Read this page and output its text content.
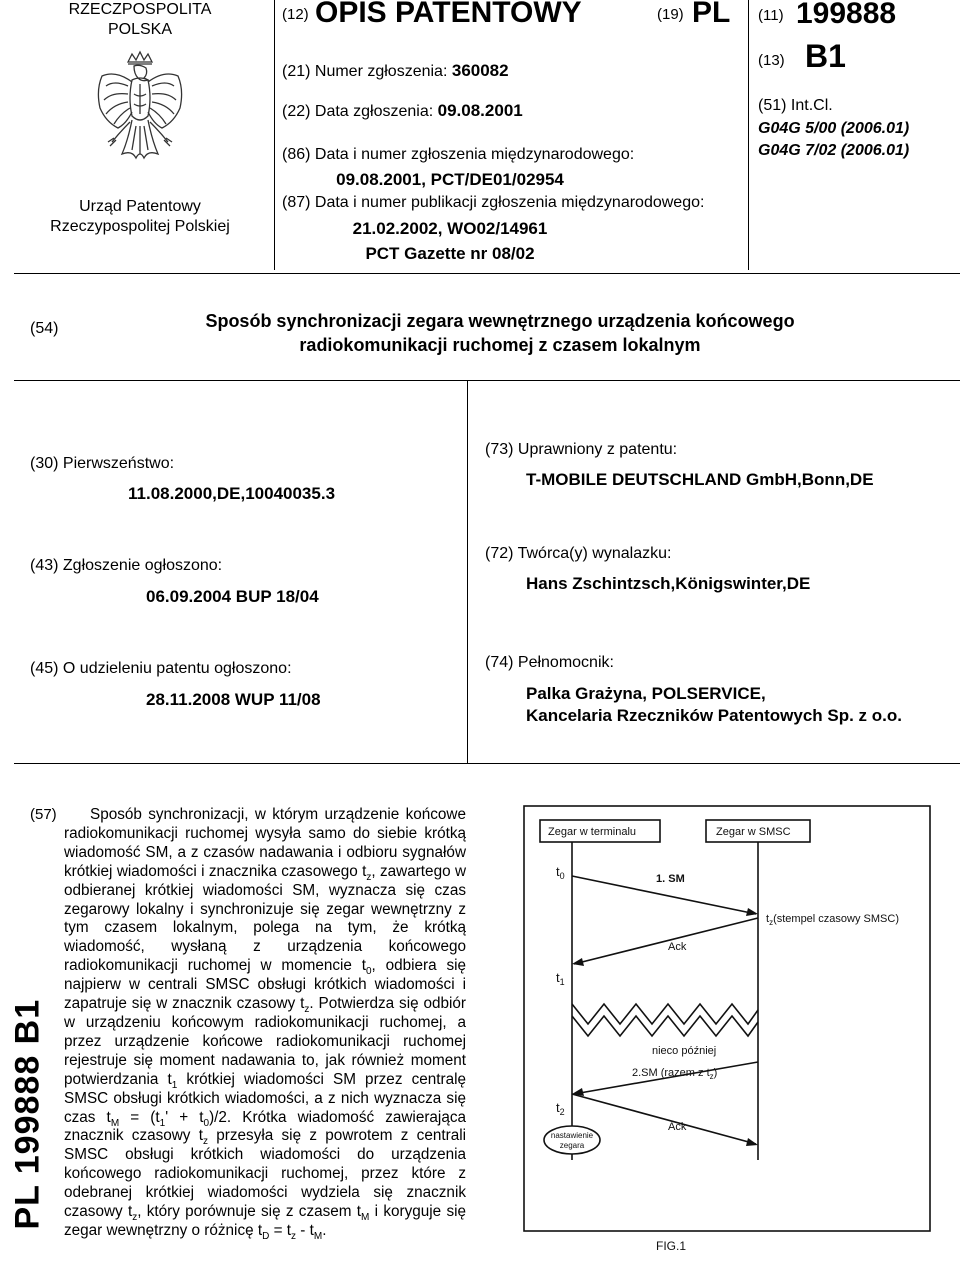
RZECZPOSPOLITA
POLSKA
Urząd Patentowy
Rzeczypospolitej Polskiej
(12) OPIS PATENTOWY	(19) PL (11) 199888
(13) B1
(21) Numer zgłoszenia: 360082
(22) Data zgłoszenia: 09.08.2001
(86) Data i numer zgłoszenia międzynarodowego:
09.08.2001, PCT/DE01/02954
(87) Data i numer publikacji zgłoszenia międzynarodowego:
21.02.2002, WO02/14961
PCT Gazette nr 08/02
(51) Int.Cl.
G04G 5/00 (2006.01)
G04G 7/02 (2006.01)
(54)	Sposób synchronizacji zegara wewnętrznego urządzenia końcowego
radiokomunikacji ruchomej z czasem lokalnym
(30) Pierwszeństwo:
11.08.2000,DE,10040035.3
(43) Zgłoszenie ogłoszono:
06.09.2004 BUP 18/04
(45) O udzieleniu patentu ogłoszono:
28.11.2008 WUP 11/08
(73) Uprawniony z patentu:
T-MOBILE DEUTSCHLAND GmbH,Bonn,DE
(72) Twórca(y) wynalazku:
Hans Zschintzsch,Königswinter,DE
(74) Pełnomocnik:
Palka Grażyna, POLSERVICE,
Kancelaria Rzeczników Patentowych Sp. z o.o.
(57)	Sposób synchronizacji, w którym urządzenie końcowe radiokomunikacji ruchomej wysyła samo do siebie krótką wiadomość SM, a z czasów nadawania i odbioru sygnałów krótkiej wiadomości i znacznika czasowego $t_z$, zawartego w odbieranej krótkiej wiadomości SM, wyznacza się czas zegarowy lokalny i synchronizuje się zegar wewnętrzny z tym czasem lokalnym, polega na tym, że krótką wiadomość, wysłaną z urządzenia końcowego radiokomunikacji ruchomej w momencie $t_0$, odbiera się najpierw w centrali SMSC obsługi krótkich wiadomości i zapatruje się w znacznik czasowy $t_z$. Potwierdza się odbiór w urządzeniu końcowym radiokomunikacji ruchomej, a przez urządzenie końcowe radiokomunikacji ruchomej rejestruje się moment nadawania to, jak również moment potwierdzania $t_1$ krótkiej wiadomości SM przez centralę SMSC obsługi krótkich wiadomości, a z nich wyznacza się czas $t_M = (t_1' + t_0)/2$. Krótka wiadomość zawierająca znacznik czasowy $t_z$ przesyła się z powrotem z centrali SMSC obsługi krótkich wiadomości do urządzenia końcowego radiokomunikacji ruchomej, przez które z odebranej krótkiej wiadomości wydziela się znacznik czasowy $t_z$, który porównuje się z czasem $t_M$ i koryguje się zegar wewnętrzny o różnicę $t_D = t_z - t_M$.
PL 199888 B1
Zegar w terminalu	Zegar w SMSC
$t_0$	1. SM
$t_z(stempel$ czasowy SMSC)
Ack
$t_1$
nieco później
2.SM (razem z $t_z$)
$t_2$
Ack
nastawienie
zegara
FIG.1
